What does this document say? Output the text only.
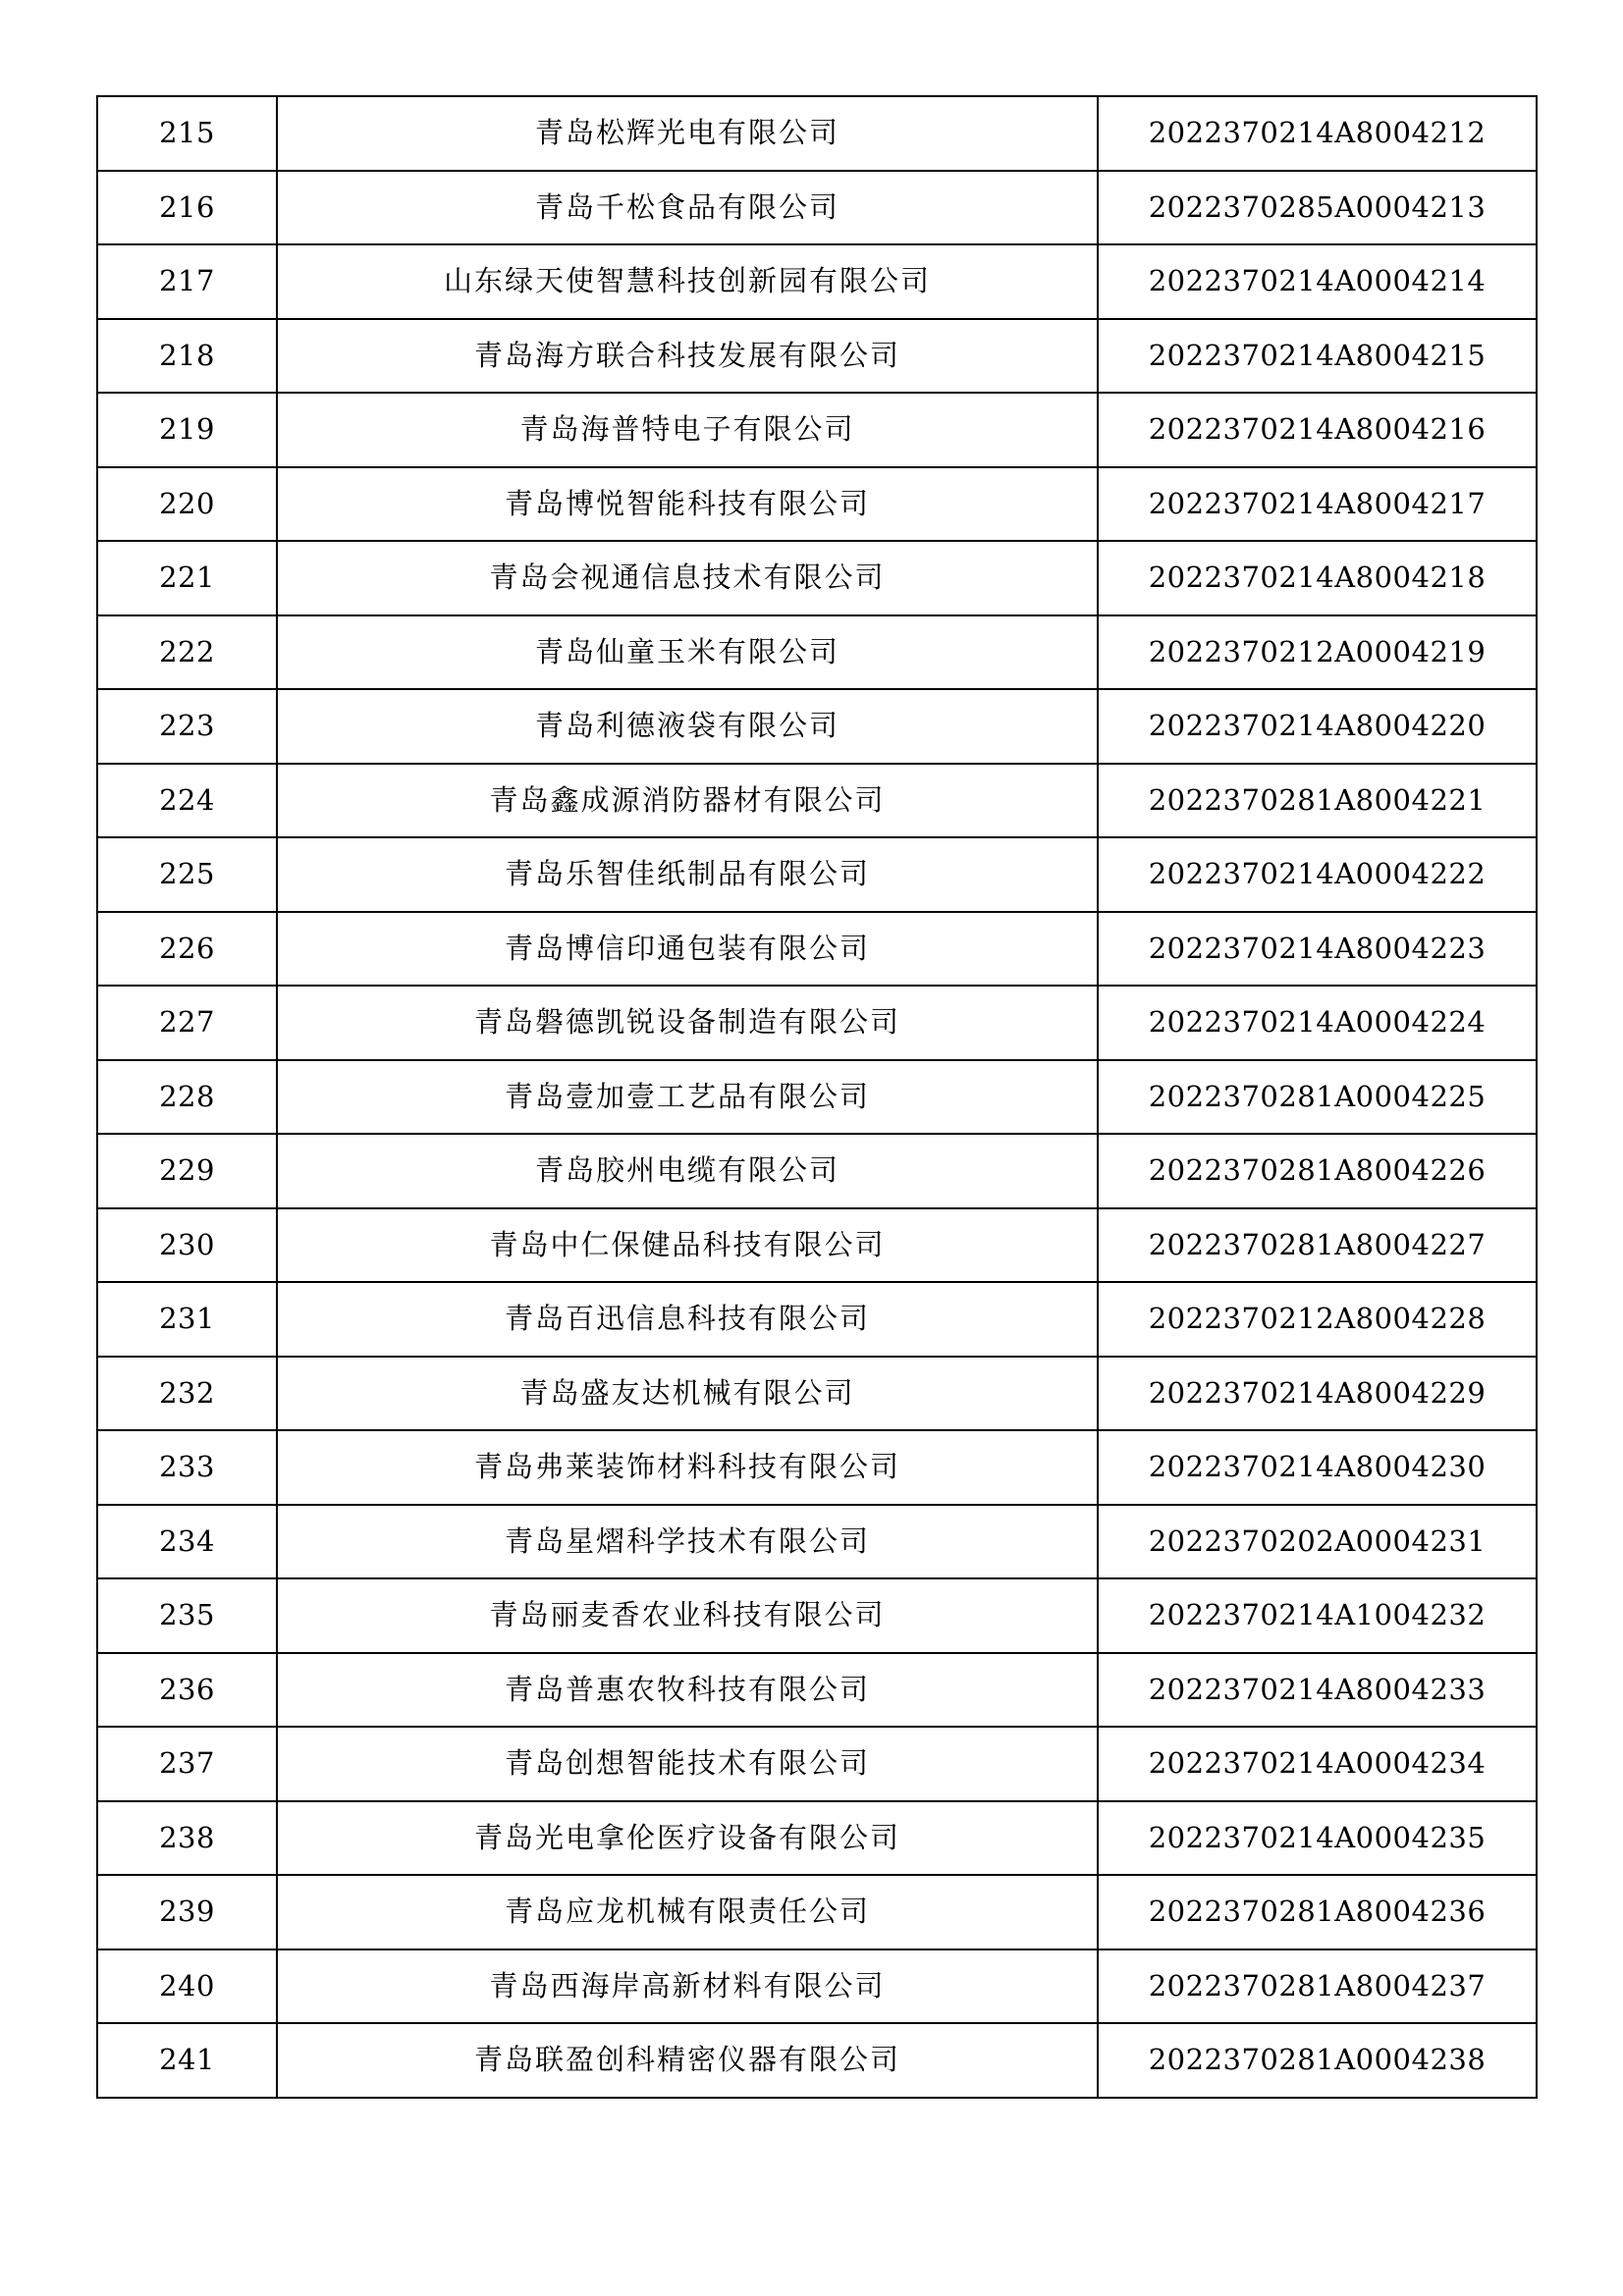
215	青岛松辉光电有限公司	2022370214A8004212
216	青岛千松食品有限公司	2022370285A0004213
217	山东绿天使智慧科技创新园有限公司	2022370214A0004214
218	青岛海方联合科技发展有限公司	2022370214A8004215
219	青岛海普特电子有限公司	2022370214A8004216
220	青岛博悦智能科技有限公司	2022370214A8004217
221	青岛会视通信息技术有限公司	2022370214A8004218
222	青岛仙童玉米有限公司	2022370212A0004219
223	青岛利德液袋有限公司	2022370214A8004220
224	青岛鑫成源消防器材有限公司	2022370281A8004221
225	青岛乐智佳纸制品有限公司	2022370214A0004222
226	青岛博信印通包装有限公司	2022370214A8004223
227	青岛磐德凯锐设备制造有限公司	2022370214A0004224
228	青岛壹加壹工艺品有限公司	2022370281A0004225
229	青岛胶州电缆有限公司	2022370281A8004226
230	青岛中仁保健品科技有限公司	2022370281A8004227
231	青岛百迅信息科技有限公司	2022370212A8004228
232	青岛盛友达机械有限公司	2022370214A8004229
233	青岛弗莱装饰材料科技有限公司	2022370214A8004230
234	青岛星熠科学技术有限公司	2022370202A0004231
235	青岛丽麦香农业科技有限公司	2022370214A1004232
236	青岛普惠农牧科技有限公司	2022370214A8004233
237	青岛创想智能技术有限公司	2022370214A0004234
238	青岛光电拿伦医疗设备有限公司	2022370214A0004235
239	青岛应龙机械有限责任公司	2022370281A8004236
240	青岛西海岸高新材料有限公司	2022370281A8004237
241	青岛联盈创科精密仪器有限公司	2022370281A0004238
